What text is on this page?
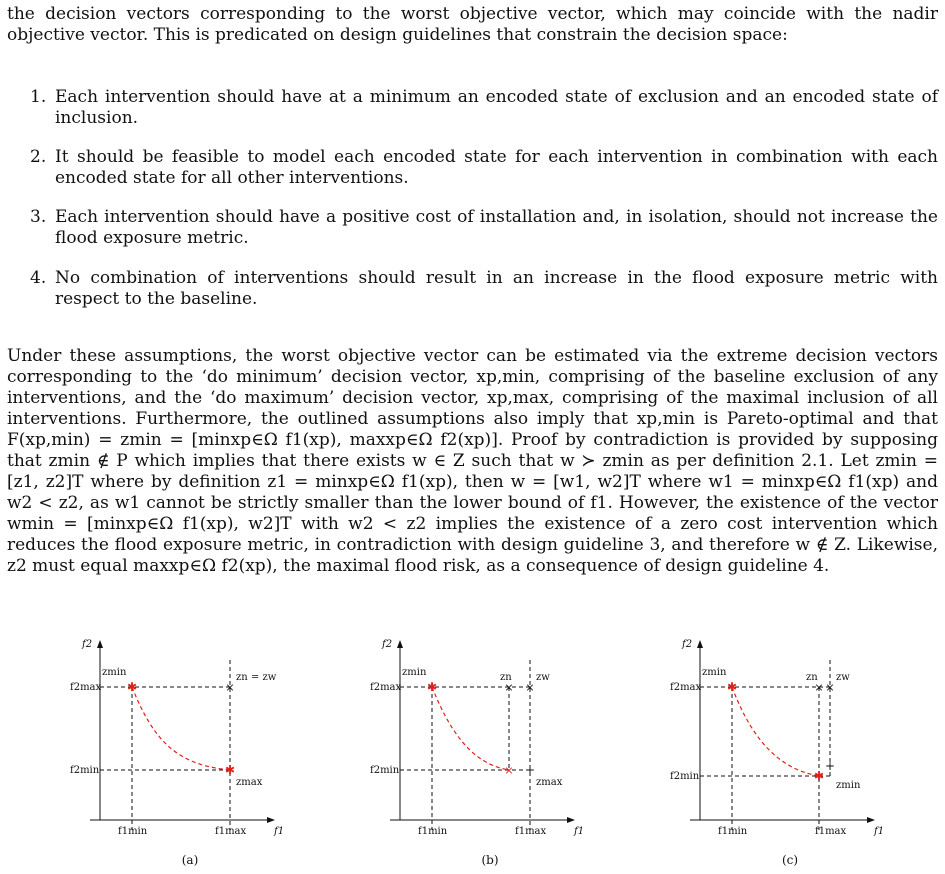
the decision vectors corresponding to the worst objective vector, which may coincide with the nadir objective vector. This is predicated on design guidelines that constrain the decision space:

1. Each intervention should have at a minimum an encoded state of exclusion and an encoded state of inclusion.
2. It should be feasible to model each encoded state for each intervention in combination with each encoded state for all other interventions.
3. Each intervention should have a positive cost of installation and, in isolation, should not increase the flood exposure metric.
4. No combination of interventions should result in an increase in the flood exposure metric with respect to the baseline.

Under these assumptions, the worst objective vector can be estimated via the extreme decision vectors corresponding to the ‘do minimum’ decision vector, xp,min, comprising of the baseline exclusion of any interventions, and the ‘do maximum’ decision vector, xp,max, comprising of the maximal inclusion of all interventions. Furthermore, the outlined assumptions also imply that xp,min is Pareto-optimal and that F(xp,min) = zmin = [minxp∈Ω f1(xp), maxxp∈Ω f2(xp)]. Proof by contradiction is provided by supposing that zmin ∉ P which implies that there exists w ∈ Z such that w ≻ zmin as per definition 2.1. Let zmin = [z1, z2]T where by definition z1 = minxp∈Ω f1(xp), then w = [w1, w2]T where w1 = minxp∈Ω f1(xp) and w2 < z2, as w1 cannot be strictly smaller than the lower bound of f1. However, the existence of the vector wmin = [minxp∈Ω f1(xp), w2]T with w2 < z2 implies the existence of a zero cost intervention which reduces the flood exposure metric, in contradiction with design guideline 3, and therefore w ∉ Z. Likewise, z2 must equal maxxp∈Ω f2(xp), the maximal flood risk, as a consequence of design guideline 4.

✱
✱
×
f2
f1
f2max
f2min
f1min	f1max
zmin	zn = zw
zmax
(a)
✱
×
× ×
+
f2
f1
f2max
f2min
f1min	f1max
zmin	zn zw
zmax
(b)
✱
✱
× ×
+
f2
f1
f2max
f2min
f1min	f1max
zmin	zn zw
zmin
(c)
